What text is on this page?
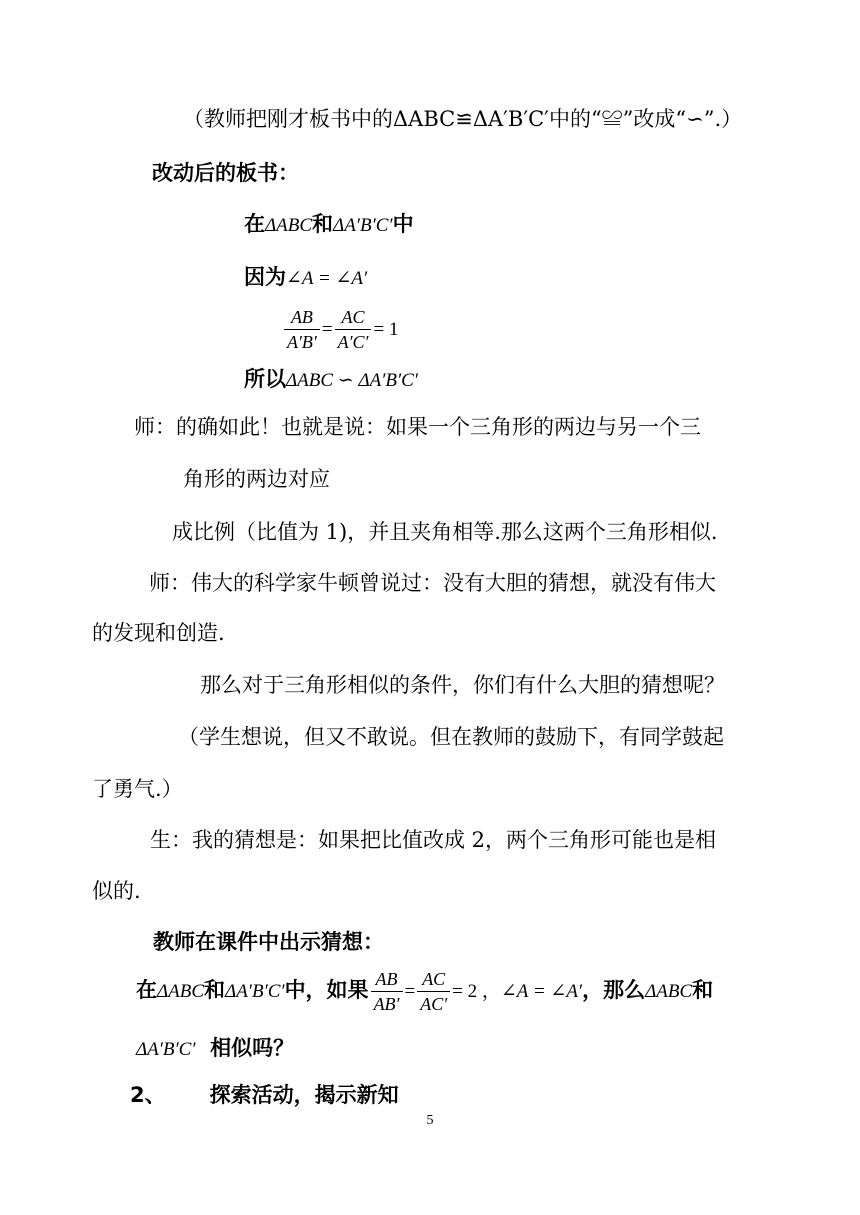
（教师把刚才板书中的ΔABC≌ΔA′B′C′中的“≌”改成“∽”.）
改动后的板书：
在ΔABC和ΔA′B′C′中
因为∠A = ∠A′
$\frac{AB}{A'B'} = \frac{AC}{A'C'} = 1$
所以ΔABC ∽ ΔA′B′C′
师：的确如此！也就是说：如果一个三角形的两边与另一个三
角形的两边对应
成比例（比值为 1)，并且夹角相等.那么这两个三角形相似.
师：伟大的科学家牛顿曾说过：没有大胆的猜想，就没有伟大
的发现和创造.
那么对于三角形相似的条件，你们有什么大胆的猜想呢？
（学生想说，但又不敢说。但在教师的鼓励下，有同学鼓起
了勇气.）
生：我的猜想是：如果把比值改成 2，两个三角形可能也是相
似的.
教师在课件中出示猜想：
在ΔABC和ΔA′B′C′中，如果 $\frac{AB}{AB'} = \frac{AC}{AC'} = 2$ ，∠A = ∠A′，那么ΔABC和
ΔA′B′C′ 相似吗？
2、 探索活动，揭示新知
5
